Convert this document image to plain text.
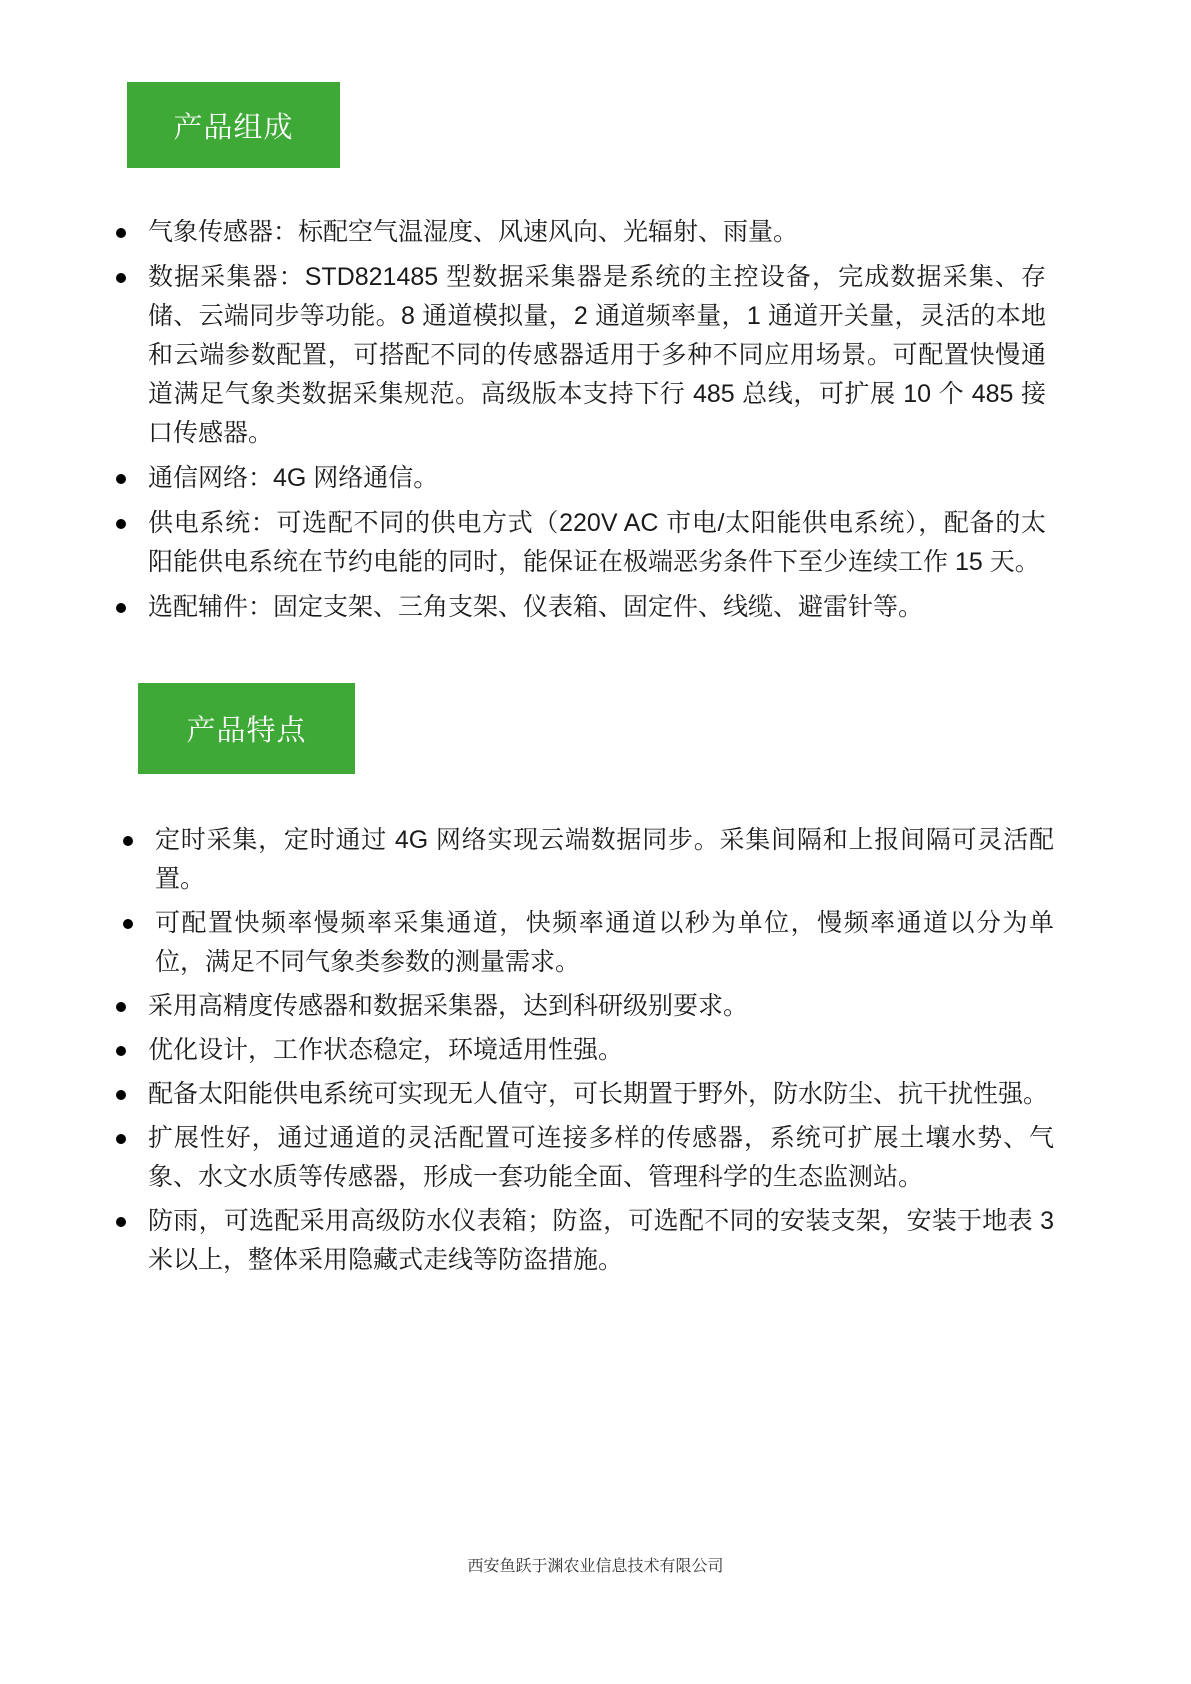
产品组成
气象传感器：标配空气温湿度、风速风向、光辐射、雨量。
数据采集器：STD821485 型数据采集器是系统的主控设备，完成数据采集、存储、云端同步等功能。8 通道模拟量，2 通道频率量，1 通道开关量，灵活的本地和云端参数配置，可搭配不同的传感器适用于多种不同应用场景。可配置快慢通道满足气象类数据采集规范。高级版本支持下行 485 总线，可扩展 10 个 485 接口传感器。
通信网络：4G 网络通信。
供电系统：可选配不同的供电方式（220V AC 市电/太阳能供电系统），配备的太阳能供电系统在节约电能的同时，能保证在极端恶劣条件下至少连续工作 15 天。
选配辅件：固定支架、三角支架、仪表箱、固定件、线缆、避雷针等。
产品特点
定时采集，定时通过 4G 网络实现云端数据同步。采集间隔和上报间隔可灵活配置。
可配置快频率慢频率采集通道，快频率通道以秒为单位，慢频率通道以分为单位，满足不同气象类参数的测量需求。
采用高精度传感器和数据采集器，达到科研级别要求。
优化设计，工作状态稳定，环境适用性强。
配备太阳能供电系统可实现无人值守，可长期置于野外，防水防尘、抗干扰性强。
扩展性好，通过通道的灵活配置可连接多样的传感器，系统可扩展土壤水势、气象、水文水质等传感器，形成一套功能全面、管理科学的生态监测站。
防雨，可选配采用高级防水仪表箱；防盗，可选配不同的安装支架，安装于地表 3 米以上，整体采用隐藏式走线等防盗措施。
西安鱼跃于渊农业信息技术有限公司
